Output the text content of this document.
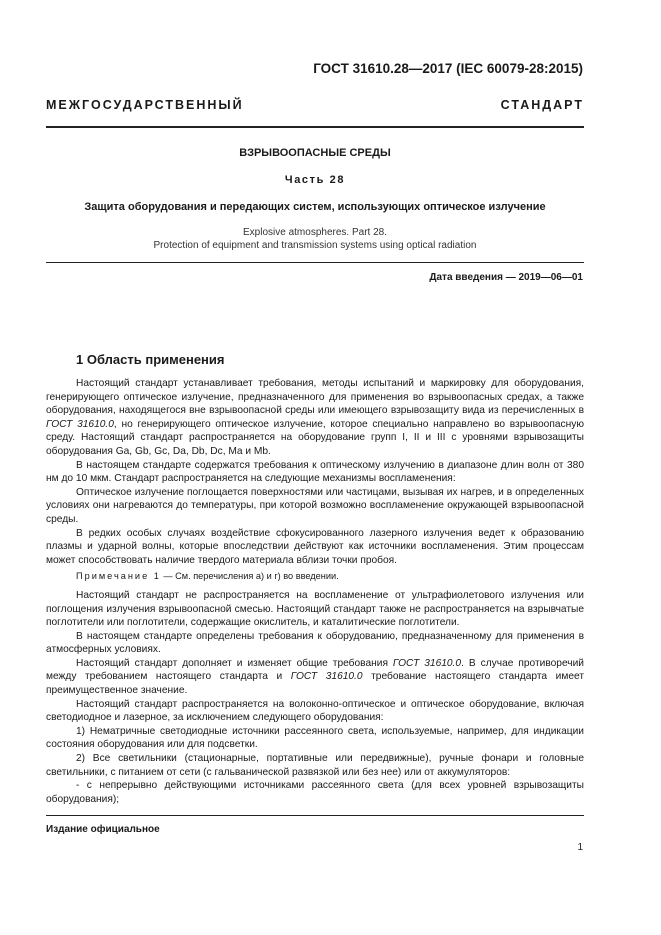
ГОСТ 31610.28—2017 (IEC 60079-28:2015)
МЕЖГОСУДАРСТВЕННЫЙ СТАНДАРТ
ВЗРЫВООПАСНЫЕ СРЕДЫ
Часть 28
Защита оборудования и передающих систем, использующих оптическое излучение
Explosive atmospheres. Part 28.
Protection of equipment and transmission systems using optical radiation
Дата введения — 2019—06—01
1 Область применения

Настоящий стандарт устанавливает требования, методы испытаний и маркировку для оборудования, генерирующего оптическое излучение, предназначенного для применения во взрывоопасных средах, а также оборудования, находящегося вне взрывоопасной среды или имеющего взрывозащиту вида из перечисленных в ГОСТ 31610.0, но генерирующего оптическое излучение, которое специально направлено во взрывоопасную среду. Настоящий стандарт распространяется на оборудование групп I, II и III с уровнями взрывозащиты оборудования Ga, Gb, Gc, Da, Db, Dc, Ma и Mb.

В настоящем стандарте содержатся требования к оптическому излучению в диапазоне длин волн от 380 нм до 10 мкм. Стандарт распространяется на следующие механизмы воспламенения:

Оптическое излучение поглощается поверхностями или частицами, вызывая их нагрев, и в определенных условиях они нагреваются до температуры, при которой возможно воспламенение окружающей взрывоопасной среды.

В редких особых случаях воздействие сфокусированного лазерного излучения ведет к образованию плазмы и ударной волны, которые впоследствии действуют как источники воспламенения. Этим процессам может способствовать наличие твердого материала вблизи точки пробоя.

Примечание 1 — См. перечисления а) и г) во введении.

Настоящий стандарт не распространяется на воспламенение от ультрафиолетового излучения или поглощения излучения взрывоопасной смесью. Настоящий стандарт также не распространяется на взрывчатые поглотители или поглотители, содержащие окислитель, и каталитические поглотители.

В настоящем стандарте определены требования к оборудованию, предназначенному для применения в атмосферных условиях.

Настоящий стандарт дополняет и изменяет общие требования ГОСТ 31610.0. В случае противоречий между требованием настоящего стандарта и ГОСТ 31610.0 требование настоящего стандарта имеет преимущественное значение.

Настоящий стандарт распространяется на волоконно-оптическое и оптическое оборудование, включая светодиодное и лазерное, за исключением следующего оборудования:

1) Нематричные светодиодные источники рассеянного света, используемые, например, для индикации состояния оборудования или для подсветки.

2) Все светильники (стационарные, портативные или передвижные), ручные фонари и головные светильники, с питанием от сети (с гальванической развязкой или без нее) или от аккумуляторов:

- с непрерывно действующими источниками рассеянного света (для всех уровней взрывозащиты оборудования);

Издание официальное
1
